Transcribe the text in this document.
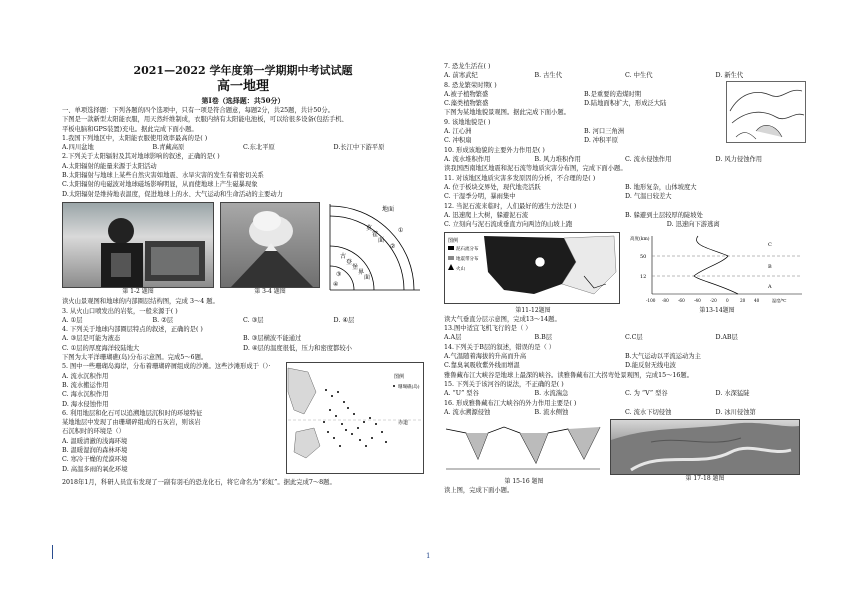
2021—2022 学年度第一学期期中考试试题
高一地理
第Ⅰ卷（选择题：共50分）
一、单项选择题：下列各题的四个选项中，只有一项是符合题意，每题2分，共25题，共计50分。
下图是一款新型太阳能衣服，用天然纤维制成，衣服内纳有太阳能电池板，可以给很多设备(包括手机、
平板电脑和GPS装置)充电。据此完成下面小题。
1.我国下列地区中，太阳能衣服使用效率最高的是( )
A.四川盆地	B.青藏高原	C.东北平原	D.长江中下游平原
2.下列关于太阳辐射及其对地球影响的叙述，正确的是( )
A.太阳辐射的能量来源于太阳活动
B.太阳辐射与地球上某些自然灾害如地震、水旱灾害的发生有着密切关系
C.太阳辐射的电磁波对地球磁场影响明显，从而使地球上产生磁暴现象
D.太阳辐射是维持地表温度，促进地球上的水、大气运动和生命活动的主要动力
第 1-2 题图	第 3-4 题图
地面
莫
霍
面
古
登
堡
界
面
①
②
③
④
读火山景观图和地球的内部圈层结构图，完成 3～4 题。
3. 从火山口喷发出的岩浆，一般来源于( )
A. ①层	B. ②层	C. ③层	D. ④层
4. 下列关于地球内部圈层特点的叙述，正确的是( )
A. ③层是可能为液态	B. ③层横波不能通过
C. ①层的厚度海洋较陆地大	D. ④层的温度很低，压力和密度都较小
下图为太平洋珊瑚礁(岛)分布示意图。完成5～6题。
5. 图中一些珊瑚岛海岸，分布着珊瑚碎屑组成的沙滩。这些沙滩形成于（）·
A. 流水沉积作用
B. 流水搬运作用
C. 海水沉积作用
D. 海水侵蚀作用
6. 利用地层和化石可以追溯地层沉积时的环境特征
某地地层中发现了由珊瑚碎组成的石灰岩，则该岩
石沉积时的环境是（）
A. 温暖清澈的浅海环境
B. 温暖湿润的森林环境
C. 寒冷干燥的荒漠环境
D. 高温多雨的氧化环境
赤道
图例
珊瑚礁(岛)
2018年1月，科研人员宣布发现了一副有羽毛的恐龙化石，将它命名为“彩虹”。据此完成7～8题。
7. 恐龙生活在( )
A. 前寒武纪	B. 古生代	C. 中生代	D. 新生代
8. 恐龙繁荣时期( )
A.被子植物繁盛	B.是重要的造煤时期
C.藻类植物繁盛	D.陆地面积扩大，形成泛大陆
下图为某地地貌景观图。据此完成下面小题。
9. 该地地貌是( )
A. 江心洲	B. 河口三角洲
C. 冲积扇	D. 冲积平原
10. 形成该地貌的主要外力作用是( )
A. 流水堆积作用	B. 风力堆积作用	C. 流水侵蚀作用	D. 风力侵蚀作用
读我国西南地区地震和泥石流等地质灾害分布图，完成下面小题。
11. 对该地区地质灾害多发原因的分析，不合理的是( )
A. 位于板块交界处，现代地壳活跃	B. 地形复杂，山体坡度大
C. 干湿季分明，暴雨集中	D. 气温日较差大
12. 当泥石流来临时，人们最好的逃生方法是( )
A. 迅速爬上大树，躲避泥石流	B. 躲避到土层较厚的陡坡处
C. 立刻向与泥石流成垂直方向两边的山坡上跑	D. 迅速向下游逃离
图例
泥石流分布
地震带分布
火山
第11-12题图
高度(km)
50
12
C
B
A
-100 -80 -60 -40 -20 0	20 40	温度/℃
第13-14题图
读大气垂直分层示意图，完成13～14题。
13.图中适宜飞机飞行的是（ ）
A.A层	B.B层	C.C层	D.AB层
14.下列关于B层的叙述，错误的是（ ）
A.气温随着海拔的升高而升高	B.大气运动以平流运动为主
C.靠臭氧吸收紫外线而增温	D.能反射无线电波
雅鲁藏布江大峡谷是地球上最深的峡谷。读雅鲁藏布江大拐弯处景观图，完成15～16题。
15. 下列关于该河谷的说法，不正确的是( )
A. “U” 型谷	B. 水流湍急	C. 为 “V” 型谷	D. 水深猛陡
16. 形成雅鲁藏布江大峡谷的外力作用主要是( )
A. 流水溯源侵蚀	B. 流水侧蚀	C. 流水下切侵蚀	D. 冰川侵蚀第
第 15-16 题图	第 17-18 题图
读上图，完成下面小题。
1
